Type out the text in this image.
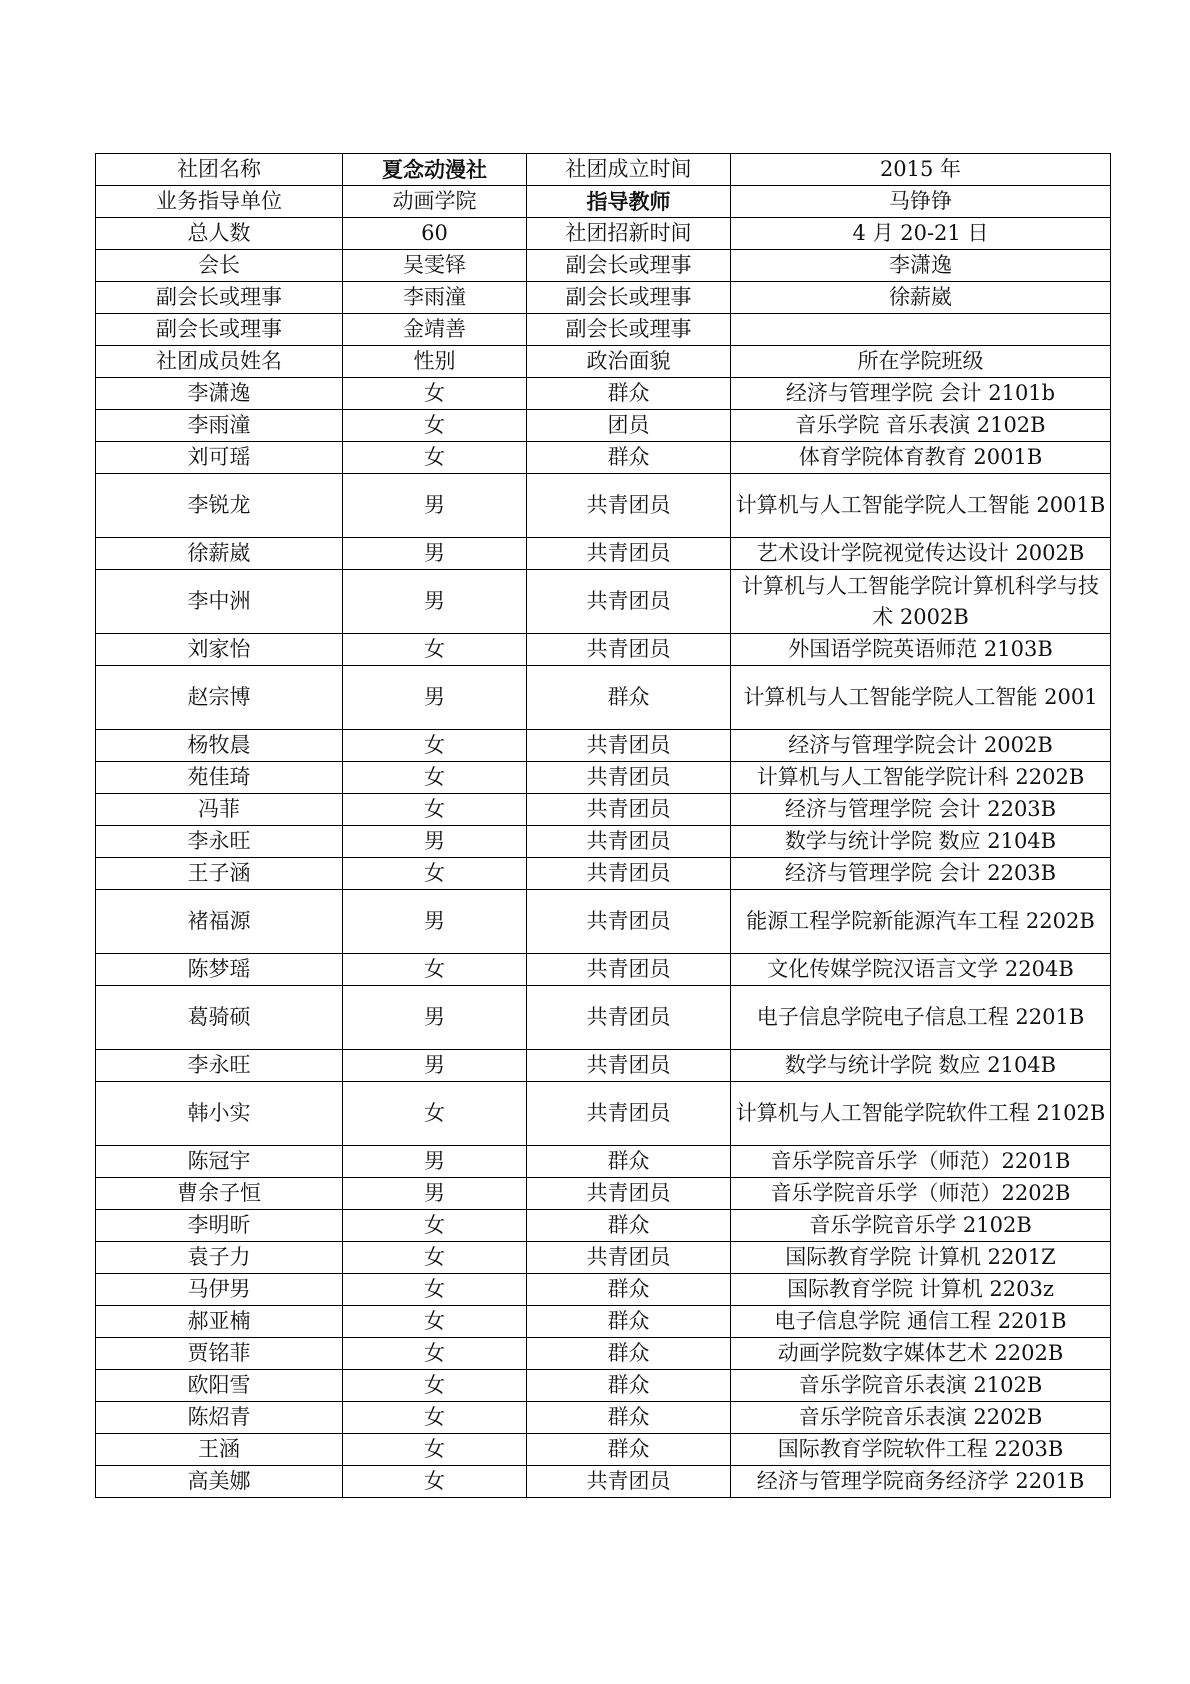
社团名称	夏念动漫社	社团成立时间	2015 年
业务指导单位	动画学院	指导教师	马铮铮
总人数	60	社团招新时间	4 月 20-21 日
会长	吴雯铎	副会长或理事	李潇逸
副会长或理事	李雨潼	副会长或理事	徐薪崴
副会长或理事	金靖善	副会长或理事	
社团成员姓名	性别	政治面貌	所在学院班级
李潇逸	女	群众	经济与管理学院 会计 2101b
李雨潼	女	团员	音乐学院 音乐表演 2102B
刘可瑶	女	群众	体育学院体育教育 2001B
李锐龙	男	共青团员	计算机与人工智能学院人工智能 2001B
徐薪崴	男	共青团员	艺术设计学院视觉传达设计 2002B
李中洲	男	共青团员	计算机与人工智能学院计算机科学与技术 2002B
刘家怡	女	共青团员	外国语学院英语师范 2103B
赵宗博	男	群众	计算机与人工智能学院人工智能 2001
杨牧晨	女	共青团员	经济与管理学院会计 2002B
苑佳琦	女	共青团员	计算机与人工智能学院计科 2202B
冯菲	女	共青团员	经济与管理学院 会计 2203B
李永旺	男	共青团员	数学与统计学院 数应 2104B
王子涵	女	共青团员	经济与管理学院 会计 2203B
褚福源	男	共青团员	能源工程学院新能源汽车工程 2202B
陈梦瑶	女	共青团员	文化传媒学院汉语言文学 2204B
葛骑硕	男	共青团员	电子信息学院电子信息工程 2201B
李永旺	男	共青团员	数学与统计学院 数应 2104B
韩小实	女	共青团员	计算机与人工智能学院软件工程 2102B
陈冠宇	男	群众	音乐学院音乐学（师范）2201B
曹余子恒	男	共青团员	音乐学院音乐学（师范）2202B
李明昕	女	群众	音乐学院音乐学 2102B
袁子力	女	共青团员	国际教育学院 计算机 2201Z
马伊男	女	群众	国际教育学院 计算机 2203z
郝亚楠	女	群众	电子信息学院 通信工程 2201B
贾铭菲	女	群众	动画学院数字媒体艺术 2202B
欧阳雪	女	群众	音乐学院音乐表演 2102B
陈炤青	女	群众	音乐学院音乐表演 2202B
王涵	女	群众	国际教育学院软件工程 2203B
高美娜	女	共青团员	经济与管理学院商务经济学 2201B
